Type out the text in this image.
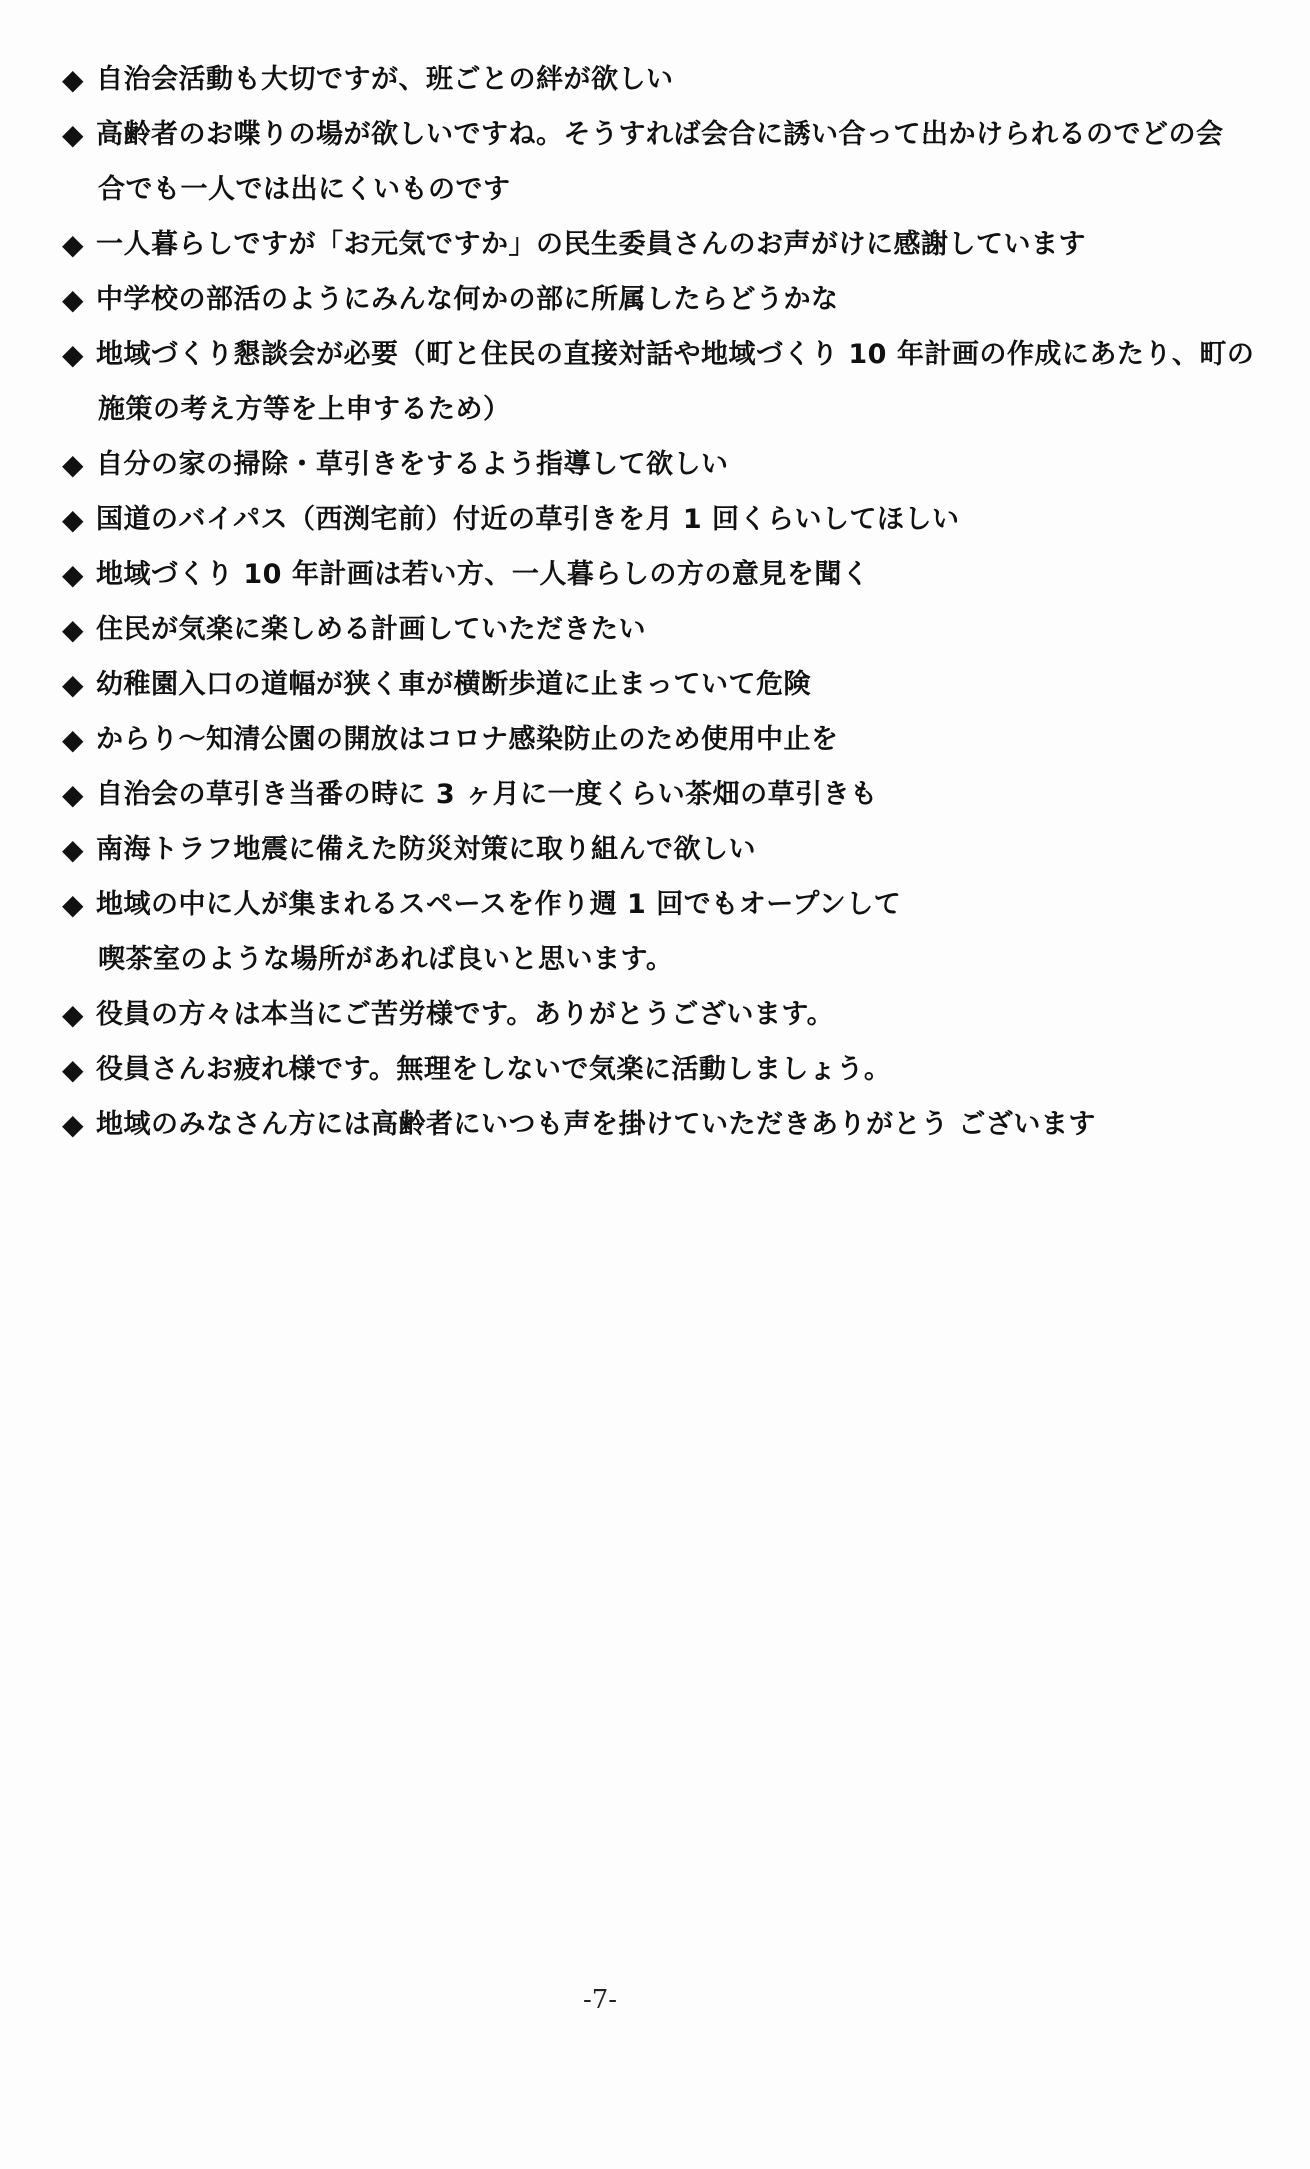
◆ 自治会活動も大切ですが、班ごとの絆が欲しい
◆ 高齢者のお喋りの場が欲しいですね。そうすれば会合に誘い合って出かけられるのでどの会
合でも一人では出にくいものです
◆ 一人暮らしですが「お元気ですか」の民生委員さんのお声がけに感謝しています
◆ 中学校の部活のようにみんな何かの部に所属したらどうかな
◆ 地域づくり懇談会が必要（町と住民の直接対話や地域づくり 10 年計画の作成にあたり、町の
施策の考え方等を上申するため）
◆ 自分の家の掃除・草引きをするよう指導して欲しい
◆ 国道のバイパス（西渕宅前）付近の草引きを月 1 回くらいしてほしい
◆ 地域づくり 10 年計画は若い方、一人暮らしの方の意見を聞く
◆ 住民が気楽に楽しめる計画していただきたい
◆ 幼稚園入口の道幅が狭く車が横断歩道に止まっていて危険
◆ からり～知清公園の開放はコロナ感染防止のため使用中止を
◆ 自治会の草引き当番の時に 3 ヶ月に一度くらい茶畑の草引きも
◆ 南海トラフ地震に備えた防災対策に取り組んで欲しい
◆ 地域の中に人が集まれるスペースを作り週 1 回でもオープンして
喫茶室のような場所があれば良いと思います。
◆ 役員の方々は本当にご苦労様です。ありがとうございます。
◆ 役員さんお疲れ様です。無理をしないで気楽に活動しましょう。
◆ 地域のみなさん方には高齢者にいつも声を掛けていただきありがとう ございます
-7-
